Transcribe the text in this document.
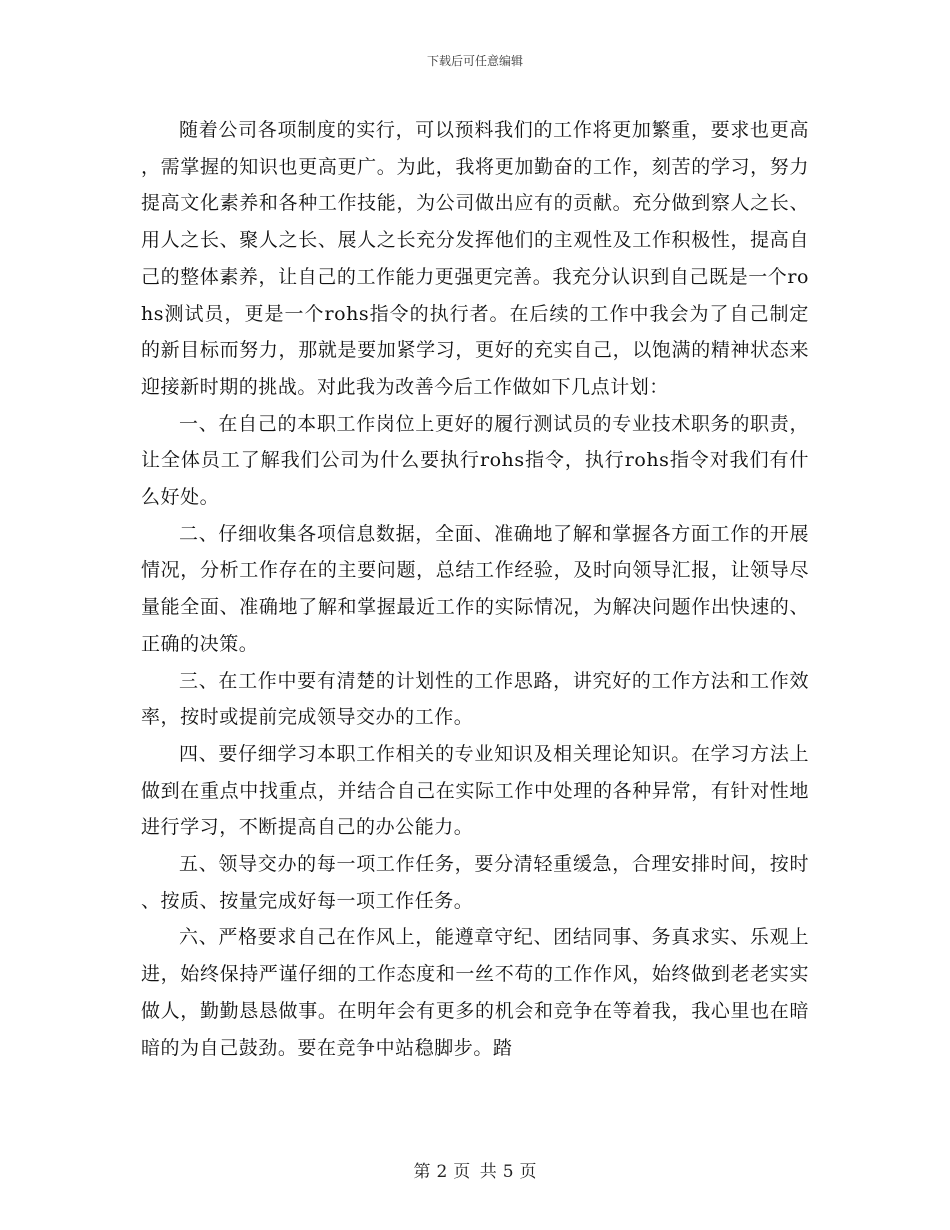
下载后可任意编辑

随着公司各项制度的实行，可以预料我们的工作将更加繁重，要求也更高，需掌握的知识也更高更广。为此，我将更加勤奋的工作，刻苦的学习，努力提高文化素养和各种工作技能，为公司做出应有的贡献。充分做到察人之长、用人之长、聚人之长、展人之长充分发挥他们的主观性及工作积极性，提高自己的整体素养，让自己的工作能力更强更完善。我充分认识到自己既是一个rohs测试员，更是一个rohs指令的执行者。在后续的工作中我会为了自己制定的新目标而努力，那就是要加紧学习，更好的充实自己，以饱满的精神状态来迎接新时期的挑战。对此我为改善今后工作做如下几点计划：

一、在自己的本职工作岗位上更好的履行测试员的专业技术职务的职责，让全体员工了解我们公司为什么要执行rohs指令，执行rohs指令对我们有什么好处。

二、仔细收集各项信息数据，全面、准确地了解和掌握各方面工作的开展情况，分析工作存在的主要问题，总结工作经验，及时向领导汇报，让领导尽量能全面、准确地了解和掌握最近工作的实际情况，为解决问题作出快速的、正确的决策。

三、在工作中要有清楚的计划性的工作思路，讲究好的工作方法和工作效率，按时或提前完成领导交办的工作。

四、要仔细学习本职工作相关的专业知识及相关理论知识。在学习方法上做到在重点中找重点，并结合自己在实际工作中处理的各种异常，有针对性地进行学习，不断提高自己的办公能力。

五、领导交办的每一项工作任务，要分清轻重缓急，合理安排时间，按时、按质、按量完成好每一项工作任务。

六、严格要求自己在作风上，能遵章守纪、团结同事、务真求实、乐观上进，始终保持严谨仔细的工作态度和一丝不苟的工作作风，始终做到老老实实做人，勤勤恳恳做事。在明年会有更多的机会和竞争在等着我，我心里也在暗暗的为自己鼓劲。要在竞争中站稳脚步。踏

第 2 页 共 5 页
